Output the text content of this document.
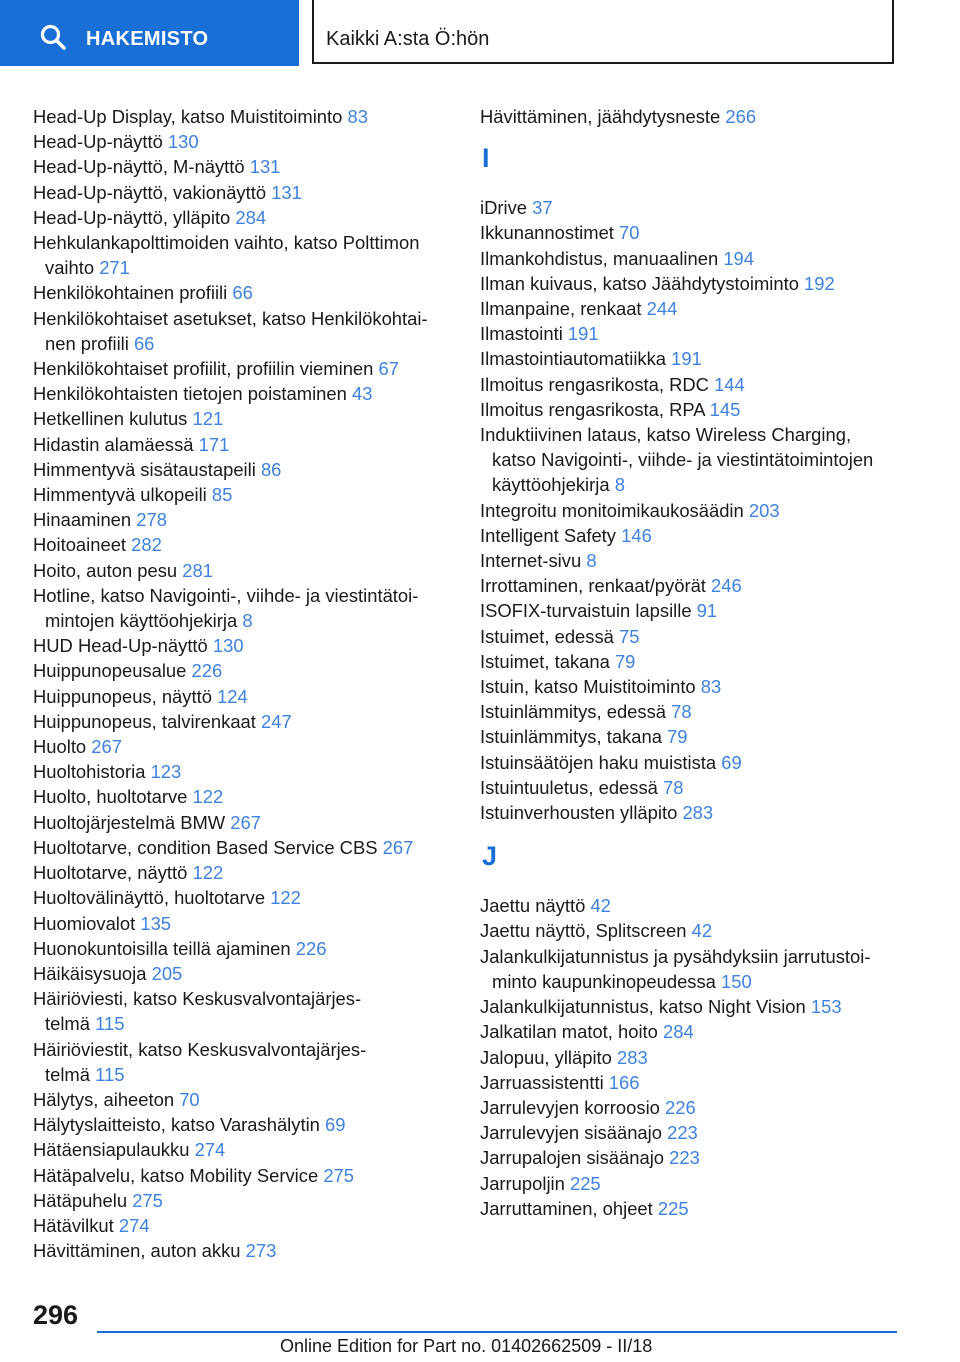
HAKEMISTO	Kaikki A:sta Ö:hön
Head-Up Display, katso Muistitoiminto 83
Head-Up-näyttö 130
Head-Up-näyttö, M-näyttö 131
Head-Up-näyttö, vakionäyttö 131
Head-Up-näyttö, ylläpito 284
Hehkulankapolttimoiden vaihto, katso Polttimon
vaihto 271
Henkilökohtainen profiili 66
Henkilökohtaiset asetukset, katso Henkilökohtai-
nen profiili 66
Henkilökohtaiset profiilit, profiilin vieminen 67
Henkilökohtaisten tietojen poistaminen 43
Hetkellinen kulutus 121
Hidastin alamäessä 171
Himmentyvä sisätaustapeili 86
Himmentyvä ulkopeili 85
Hinaaminen 278
Hoitoaineet 282
Hoito, auton pesu 281
Hotline, katso Navigointi-, viihde- ja viestintätoi-
mintojen käyttöohjekirja 8
HUD Head-Up-näyttö 130
Huippunopeusalue 226
Huippunopeus, näyttö 124
Huippunopeus, talvirenkaat 247
Huolto 267
Huoltohistoria 123
Huolto, huoltotarve 122
Huoltojärjestelmä BMW 267
Huoltotarve, condition Based Service CBS 267
Huoltotarve, näyttö 122
Huoltovälinäyttö, huoltotarve 122
Huomiovalot 135
Huonokuntoisilla teillä ajaminen 226
Häikäisysuoja 205
Häiriöviesti, katso Keskusvalvontajärjes-
telmä 115
Häiriöviestit, katso Keskusvalvontajärjes-
telmä 115
Hälytys, aiheeton 70
Hälytyslaitteisto, katso Varashälytin 69
Hätäensiapulaukku 274
Hätäpalvelu, katso Mobility Service 275
Hätäpuhelu 275
Hätävilkut 274
Hävittäminen, auton akku 273
Hävittäminen, jäähdytysneste 266
I
iDrive 37
Ikkunannostimet 70
Ilmankohdistus, manuaalinen 194
Ilman kuivaus, katso Jäähdytystoiminto 192
Ilmanpaine, renkaat 244
Ilmastointi 191
Ilmastointiautomatiikka 191
Ilmoitus rengasrikosta, RDC 144
Ilmoitus rengasrikosta, RPA 145
Induktiivinen lataus, katso Wireless Charging,
katso Navigointi-, viihde- ja viestintätoimintojen
käyttöohjekirja 8
Integroitu monitoimikaukosäädin 203
Intelligent Safety 146
Internet-sivu 8
Irrottaminen, renkaat/pyörät 246
ISOFIX-turvaistuin lapsille 91
Istuimet, edessä 75
Istuimet, takana 79
Istuin, katso Muistitoiminto 83
Istuinlämmitys, edessä 78
Istuinlämmitys, takana 79
Istuinsäätöjen haku muistista 69
Istuintuuletus, edessä 78
Istuinverhousten ylläpito 283
J
Jaettu näyttö 42
Jaettu näyttö, Splitscreen 42
Jalankulkijatunnistus ja pysähdyksiin jarrutustoi-
minto kaupunkinopeudessa 150
Jalankulkijatunnistus, katso Night Vision 153
Jalkatilan matot, hoito 284
Jalopuu, ylläpito 283
Jarruassistentti 166
Jarrulevyjen korroosio 226
Jarrulevyjen sisäänajo 223
Jarrupalojen sisäänajo 223
Jarrupoljin 225
Jarruttaminen, ohjeet 225
296
Online Edition for Part no. 01402662509 - II/18
